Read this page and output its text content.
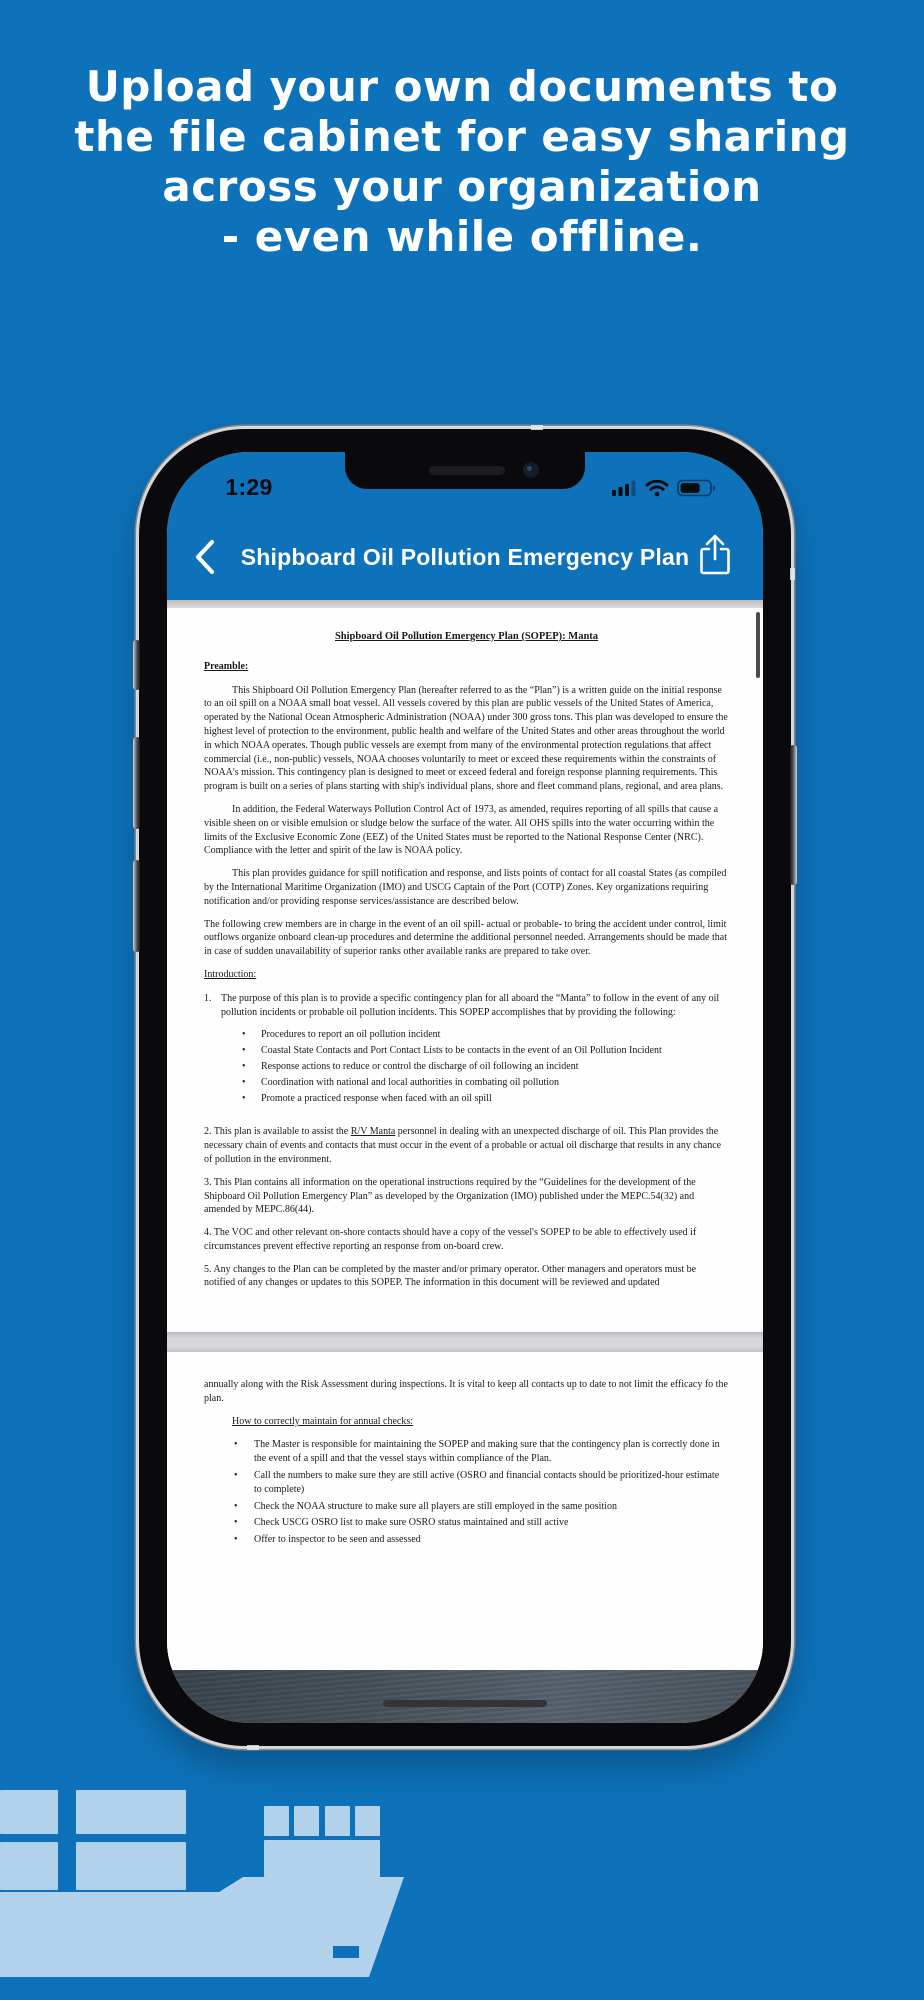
Upload your own documents to
the file cabinet for easy sharing
across your organization
- even while offline.
1:29
Shipboard Oil Pollution Emergency Plan
Shipboard Oil Pollution Emergency Plan (SOPEP): Manta
Preamble:

This Shipboard Oil Pollution Emergency Plan (hereafter referred to as the “Plan”) is a written guide on the initial response to an oil spill on a NOAA small boat vessel. All vessels covered by this plan are public vessels of the United States of America, operated by the National Ocean Atmospheric Administration (NOAA) under 300 gross tons. This plan was developed to ensure the highest level of protection to the environment, public health and welfare of the United States and other areas throughout the world in which NOAA operates. Though public vessels are exempt from many of the environmental protection regulations that affect commercial (i.e., non-public) vessels, NOAA chooses voluntarily to meet or exceed these requirements within the constraints of NOAA's mission. This contingency plan is designed to meet or exceed federal and foreign response planning requirements. This program is built on a series of plans starting with ship's individual plans, shore and fleet command plans, regional, and area plans.

In addition, the Federal Waterways Pollution Control Act of 1973, as amended, requires reporting of all spills that cause a visible sheen on or visible emulsion or sludge below the surface of the water. All OHS spills into the water occurring within the limits of the Exclusive Economic Zone (EEZ) of the United States must be reported to the National Response Center (NRC). Compliance with the letter and spirit of the law is NOAA policy.

This plan provides guidance for spill notification and response, and lists points of contact for all coastal States (as compiled by the International Maritime Organization (IMO) and USCG Captain of the Port (COTP) Zones. Key organizations requiring notification and/or providing response services/assistance are described below.

The following crew members are in charge in the event of an oil spill- actual or probable- to bring the accident under control, limit outflows organize onboard clean-up procedures and determine the additional personnel needed. Arrangements should be made that in case of sudden unavailability of superior ranks other available ranks are prepared to take over.

Introduction:

1. The purpose of this plan is to provide a specific contingency plan for all aboard the “Manta” to follow in the event of any oil pollution incidents or probable oil pollution incidents. This SOPEP accomplishes that by providing the following:

• Procedures to report an oil pollution incident
• Coastal State Contacts and Port Contact Lists to be contacts in the event of an Oil Pollution Incident
• Response actions to reduce or control the discharge of oil following an incident
• Coordination with national and local authorities in combating oil pollution
• Promote a practiced response when faced with an oil spill

2. This plan is available to assist the R/V Manta personnel in dealing with an unexpected discharge of oil. This Plan provides the necessary chain of events and contacts that must occur in the event of a probable or actual oil discharge that results in any chance of pollution in the environment.

3. This Plan contains all information on the operational instructions required by the “Guidelines for the development of the Shipboard Oil Pollution Emergency Plan” as developed by the Organization (IMO) published under the MEPC.54(32) and amended by MEPC.86(44).

4. The VOC and other relevant on-shore contacts should have a copy of the vessel's SOPEP to be able to effectively used if circumstances prevent effective reporting an response from on-board crew.

5. Any changes to the Plan can be completed by the master and/or primary operator. Other managers and operators must be notified of any changes or updates to this SOPEP. The information in this document will be reviewed and updated

annually along with the Risk Assessment during inspections. It is vital to keep all contacts up to date to not limit the efficacy fo the plan.

How to correctly maintain for annual checks:
• The Master is responsible for maintaining the SOPEP and making sure that the contingency plan is correctly done in the event of a spill and that the vessel stays within compliance of the Plan.
• Call the numbers to make sure they are still active (OSRO and financial contacts should be prioritized-hour estimate to complete)
• Check the NOAA structure to make sure all players are still employed in the same position
• Check USCG OSRO list to make sure OSRO status maintained and still active
• Offer to inspector to be seen and assessed
